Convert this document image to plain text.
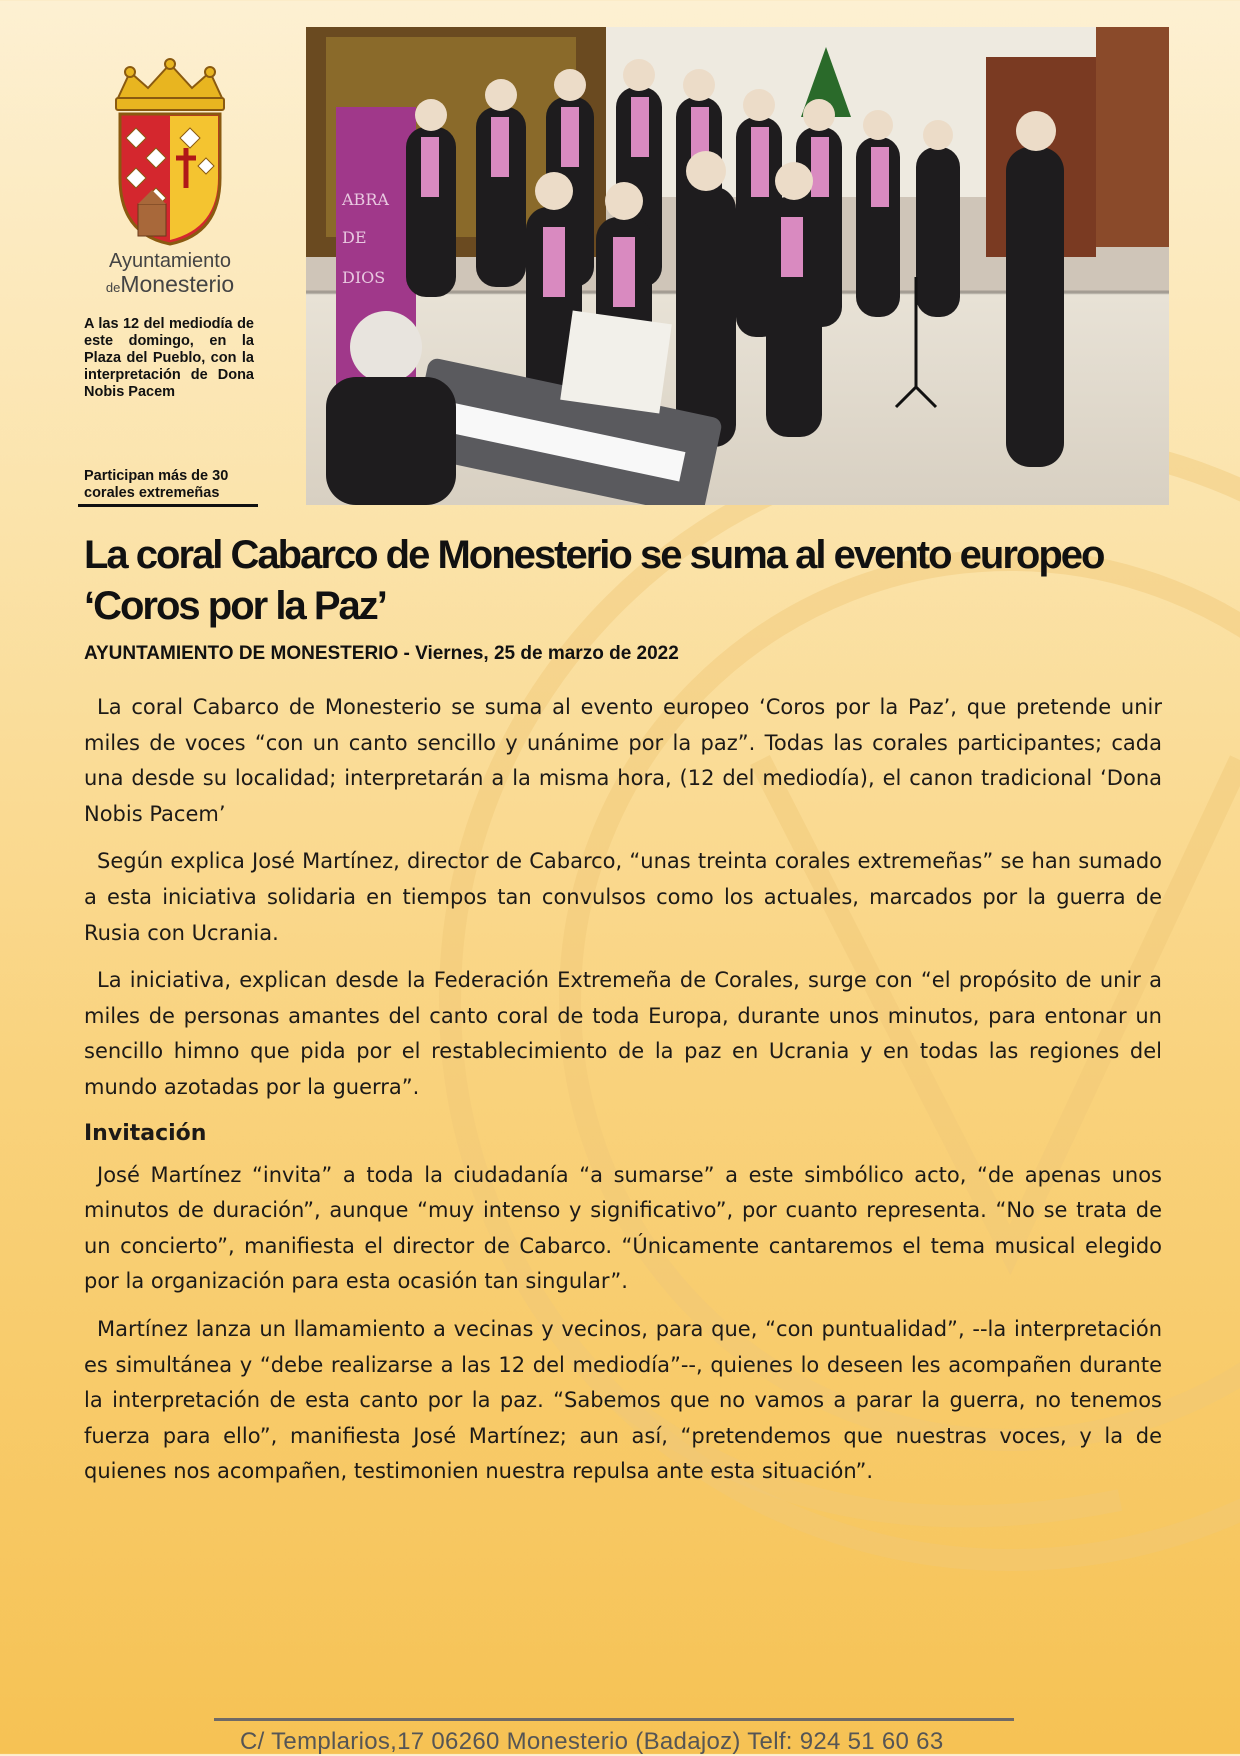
Ayuntamiento
deMonesterio
A las 12 del mediodía de este domingo, en la Plaza del Pueblo, con la interpretación de Dona Nobis Pacem
Participan más de 30 corales extremeñas
ABRA
DE
DIOS
La coral Cabarco de Monesterio se suma al evento europeo ‘Coros por la Paz’
AYUNTAMIENTO DE MONESTERIO - Viernes, 25 de marzo de 2022

La coral Cabarco de Monesterio se suma al evento europeo ‘Coros por la Paz’, que pretende unir miles de voces “con un canto sencillo y unánime por la paz”. Todas las corales participantes; cada una desde su localidad; interpretarán a la misma hora, (12 del mediodía), el canon tradicional ‘Dona Nobis Pacem’

Según explica José Martínez, director de Cabarco, “unas treinta corales extremeñas” se han sumado a esta iniciativa solidaria en tiempos tan convulsos como los actuales, marcados por la guerra de Rusia con Ucrania.

La iniciativa, explican desde la Federación Extremeña de Corales, surge con “el propósito de unir a miles de personas amantes del canto coral de toda Europa, durante unos minutos, para entonar un sencillo himno que pida por el restablecimiento de la paz en Ucrania y en todas las regiones del mundo azotadas por la guerra”.

Invitación

José Martínez “invita” a toda la ciudadanía “a sumarse” a este simbólico acto, “de apenas unos minutos de duración”, aunque “muy intenso y significativo”, por cuanto representa. “No se trata de un concierto”, manifiesta el director de Cabarco. “Únicamente cantaremos el tema musical elegido por la organización para esta ocasión tan singular”.

Martínez lanza un llamamiento a vecinas y vecinos, para que, “con puntualidad”, --la interpretación es simultánea y “debe realizarse a las 12 del mediodía”--, quienes lo deseen les acompañen durante la interpretación de esta canto por la paz. “Sabemos que no vamos a parar la guerra, no tenemos fuerza para ello”, manifiesta José Martínez; aun así, “pretendemos que nuestras voces, y la de quienes nos acompañen, testimonien nuestra repulsa ante esta situación”.

C/ Templarios,17 06260 Monesterio (Badajoz) Telf: 924 51 60 63
